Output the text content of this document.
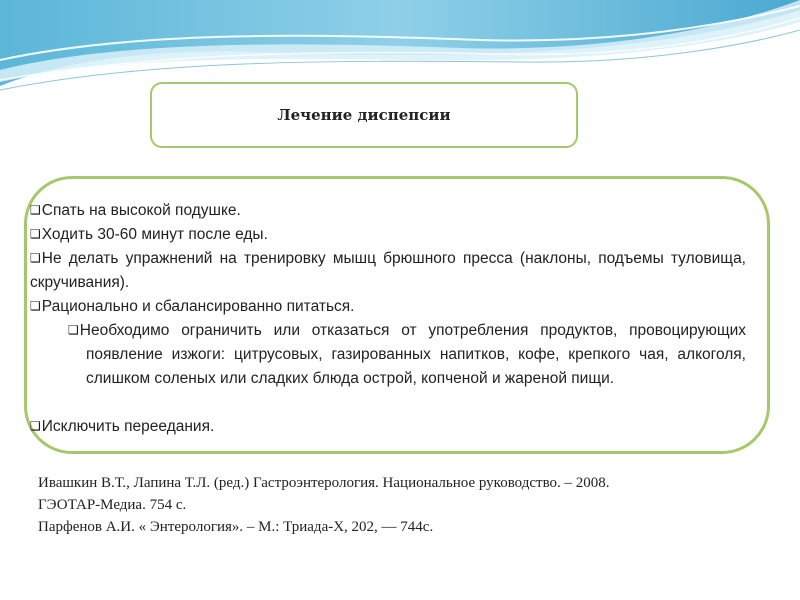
Лечение диспепсии
❑Спать на высокой подушке.
❑Ходить 30-60 минут после еды.
❑Не делать упражнений на тренировку мышц брюшного пресса (наклоны, подъемы туловища, скручивания).
❑Рационально и сбалансированно питаться.
❑Необходимо ограничить или отказаться от употребления продуктов, провоцирующих появление изжоги: цитрусовых, газированных напитков, кофе, крепкого чая, алкоголя, слишком соленых или сладких блюда острой, копченой и жареной пищи.
❑Исключить переедания.
Ивашкин В.Т., Лапина Т.Л. (ред.) Гастроэнтерология. Национальное руководство. – 2008.
ГЭОТАР-Медиа. 754 с.
Парфенов А.И. « Энтерология». – М.: Триада-Х, 202, — 744с.
